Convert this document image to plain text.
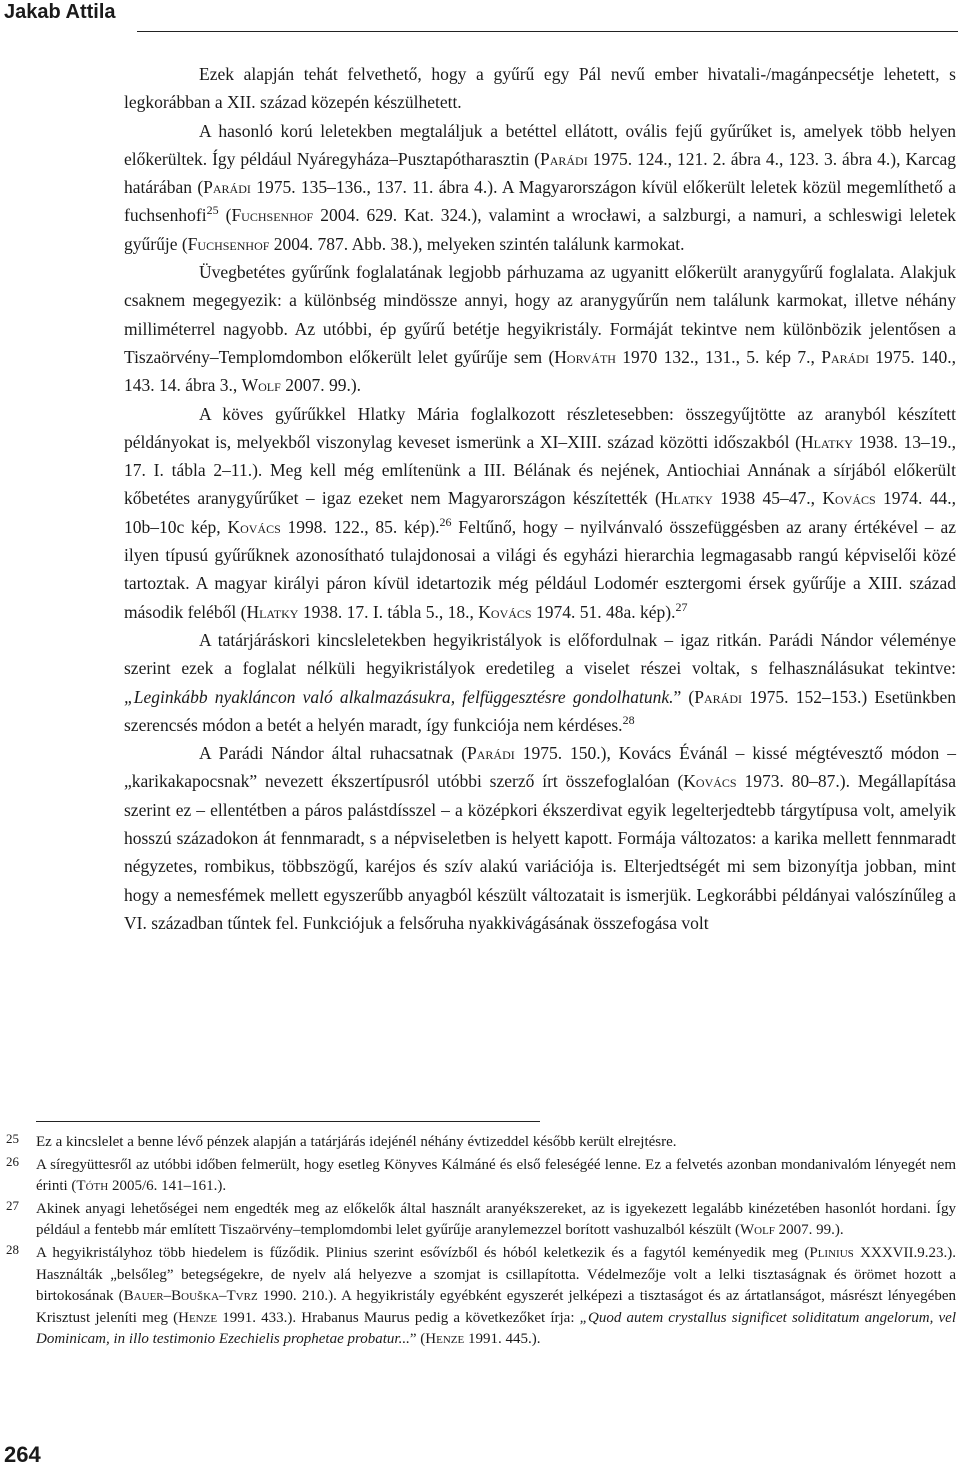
Jakab Attila

Ezek alapján tehát felvethető, hogy a gyűrű egy Pál nevű ember hivatali-/magánpecsétje lehetett, s legkorábban a XII. század közepén készülhetett.

A hasonló korú leletekben megtaláljuk a betéttel ellátott, ovális fejű gyűrűket is, amelyek több helyen előkerültek. Így például Nyáregyháza–Pusztapótharasztin (Parádi 1975. 124., 121. 2. ábra 4., 123. 3. ábra 4.), Karcag határában (Parádi 1975. 135–136., 137. 11. ábra 4.). A Magyarországon kívül előkerült leletek közül megemlíthető a fuchsenhofi$^{25}$ (Fuchsenhof 2004. 629. Kat. 324.), valamint a wrocławi, a salzburgi, a namuri, a schleswigi leletek gyűrűje (Fuchsenhof 2004. 787. Abb. 38.), melyeken szintén találunk karmokat.

Üvegbetétes gyűrűnk foglalatának legjobb párhuzama az ugyanitt előkerült aranygyűrű foglalata. Alakjuk csaknem megegyezik: a különbség mindössze annyi, hogy az aranygyűrűn nem találunk karmokat, illetve néhány milliméterrel nagyobb. Az utóbbi, ép gyűrű betétje hegyikristály. Formáját tekintve nem különbözik jelentősen a Tiszaörvény–Templomdombon előkerült lelet gyűrűje sem (Horváth 1970 132., 131., 5. kép 7., Parádi 1975. 140., 143. 14. ábra 3., Wolf 2007. 99.).

A köves gyűrűkkel Hlatky Mária foglalkozott részletesebben: összegyűjtötte az aranyból készített példányokat is, melyekből viszonylag keveset ismerünk a XI–XIII. század közötti időszakból (Hlatky 1938. 13–19., 17. I. tábla 2–11.). Meg kell még említenünk a III. Bélának és nejének, Antiochiai Annának a sírjából előkerült kőbetétes aranygyűrűket – igaz ezeket nem Magyarországon készítették (Hlatky 1938 45–47., Kovács 1974. 44., 10b–10c kép, Kovács 1998. 122., 85. kép).$^{26}$ Feltűnő, hogy – nyilvánvaló összefüggésben az arany értékével – az ilyen típusú gyűrűknek azonosítható tulajdonosai a világi és egyházi hierarchia legmagasabb rangú képviselői közé tartoztak. A magyar királyi páron kívül idetartozik még például Lodomér esztergomi érsek gyűrűje a XIII. század második feléből (Hlatky 1938. 17. I. tábla 5., 18., Kovács 1974. 51. 48a. kép).$^{27}$

A tatárjáráskori kincsleletekben hegyikristályok is előfordulnak – igaz ritkán. Parádi Nándor véleménye szerint ezek a foglalat nélküli hegyikristályok eredetileg a viselet részei voltak, s felhasználásukat tekintve: „Leginkább nyakláncon való alkalmazásukra, felfüggesztésre gondolhatunk.” (Parádi 1975. 152–153.) Esetünkben szerencsés módon a betét a helyén maradt, így funkciója nem kérdéses.$^{28}$

A Parádi Nándor által ruhacsatnak (Parádi 1975. 150.), Kovács Évánál – kissé mégtévesztő módon – „karikakapocsnak” nevezett ékszertípusról utóbbi szerző írt összefoglalóan (Kovács 1973. 80–87.). Megállapítása szerint ez – ellentétben a páros palástdísszel – a középkori ékszerdivat egyik legelterjedtebb tárgytípusa volt, amelyik hosszú századokon át fennmaradt, s a népviseletben is helyett kapott. Formája változatos: a karika mellett fennmaradt négyzetes, rombikus, többszögű, karéjos és szív alakú variációja is. Elterjedtségét mi sem bizonyítja jobban, mint hogy a nemesfémek mellett egyszerűbb anyagból készült változatait is ismerjük. Legkorábbi példányai valószínűleg a VI. században tűntek fel. Funkciójuk a felsőruha nyakkivágásának összefogása volt

25 Ez a kincslelet a benne lévő pénzek alapján a tatárjárás idejénél néhány évtizeddel később került elrejtésre.
26 A síregyüttesről az utóbbi időben felmerült, hogy esetleg Könyves Kálmáné és első feleségéé lenne. Ez a felvetés azonban mondanivalóm lényegét nem érinti (Tóth 2005/6. 141–161.).
27 Akinek anyagi lehetőségei nem engedték meg az előkelők által használt aranyékszereket, az is igyekezett legalább kinézetében hasonlót hordani. Így például a fentebb már említett Tiszaörvény–templomdombi lelet gyűrűje aranylemezzel borított vashuzalból készült (Wolf 2007. 99.).
28 A hegyikristályhoz több hiedelem is fűződik. Plinius szerint esővízből és hóból keletkezik és a fagytól keményedik meg (Plinius XXXVII.9.23.). Használták „belsőleg” betegségekre, de nyelv alá helyezve a szomjat is csillapította. Védelmezője volt a lelki tisztaságnak és örömet hozott a birtokosának (Bauer–Bouška–Tvrz 1990. 210.). A hegyikristály egyébként egyszerét jelképezi a tisztaságot és az ártatlanságot, másrészt lényegében Krisztust jeleníti meg (Henze 1991. 433.). Hrabanus Maurus pedig a következőket írja: „Quod autem crystallus significet soliditatum angelorum, vel Dominicam, in illo testimonio Ezechielis prophetae probatur...” (Henze 1991. 445.).
264
